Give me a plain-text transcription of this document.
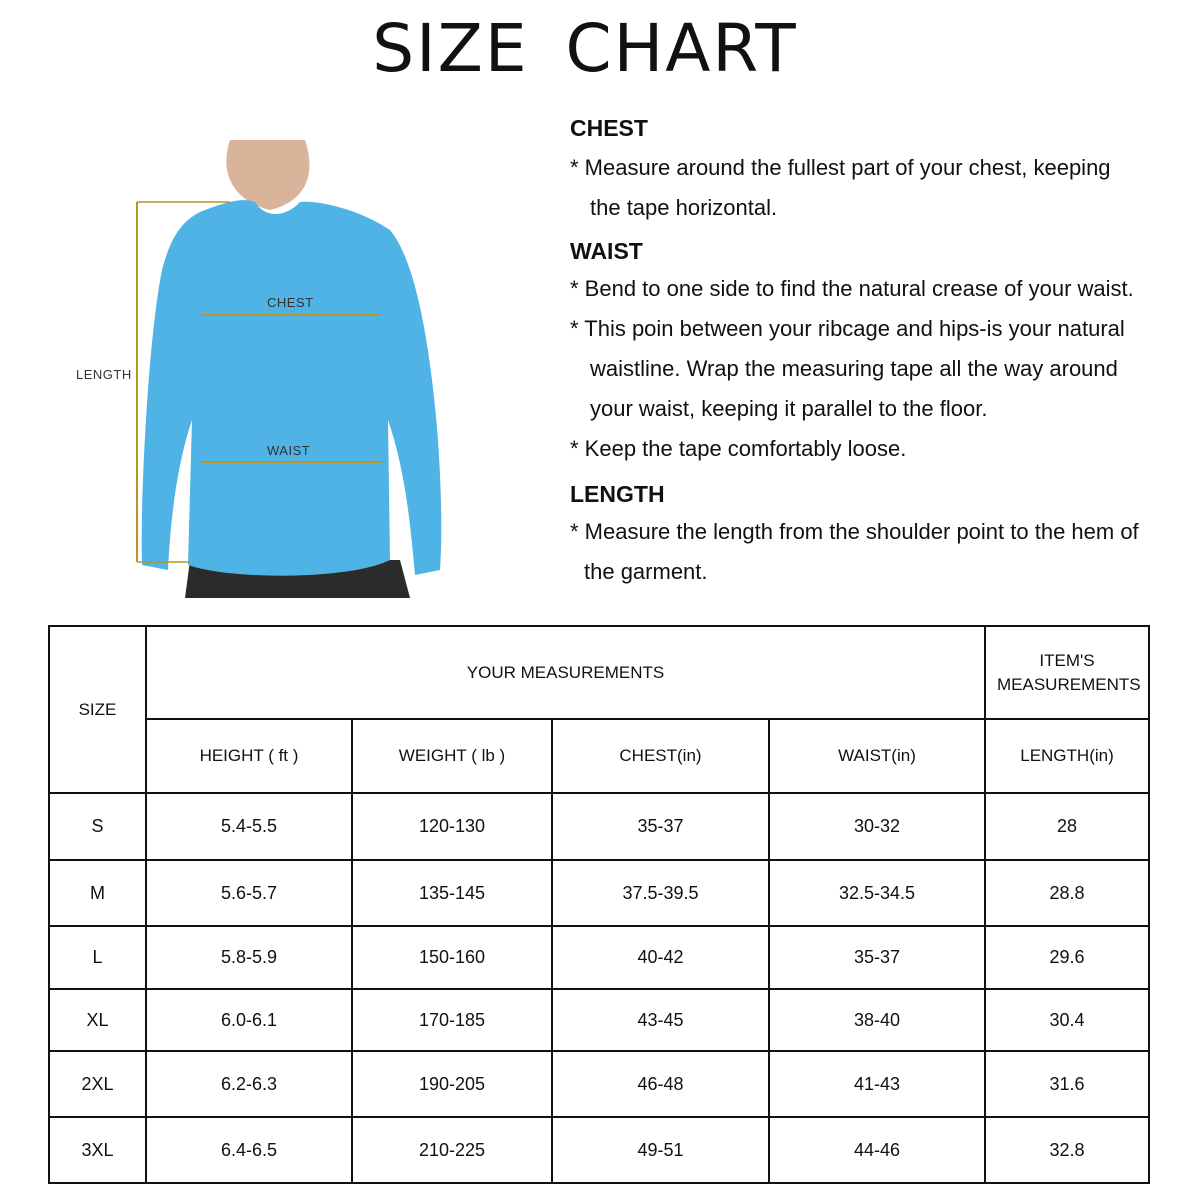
SIZE CHART
CHEST
WAIST
LENGTH
CHEST

* Measure around the fullest part of your chest, keeping

the tape horizontal.

WAIST

* Bend to one side to find the natural crease of your waist.

* This poin between your ribcage and hips-is your natural

waistline. Wrap the measuring tape all the way around

your waist, keeping it parallel to the floor.

* Keep the tape comfortably loose.

LENGTH

* Measure the length from the shoulder point to the hem of

the garment.

SIZE	YOUR MEASUREMENTS				ITEM'S MEASUREMENTS
	HEIGHT ( ft )	WEIGHT ( lb )	CHEST(in)	WAIST(in)	LENGTH(in)
S	5.4-5.5	120-130	35-37	30-32	28
M	5.6-5.7	135-145	37.5-39.5	32.5-34.5	28.8
L	5.8-5.9	150-160	40-42	35-37	29.6
XL	6.0-6.1	170-185	43-45	38-40	30.4
2XL	6.2-6.3	190-205	46-48	41-43	31.6
3XL	6.4-6.5	210-225	49-51	44-46	32.8
